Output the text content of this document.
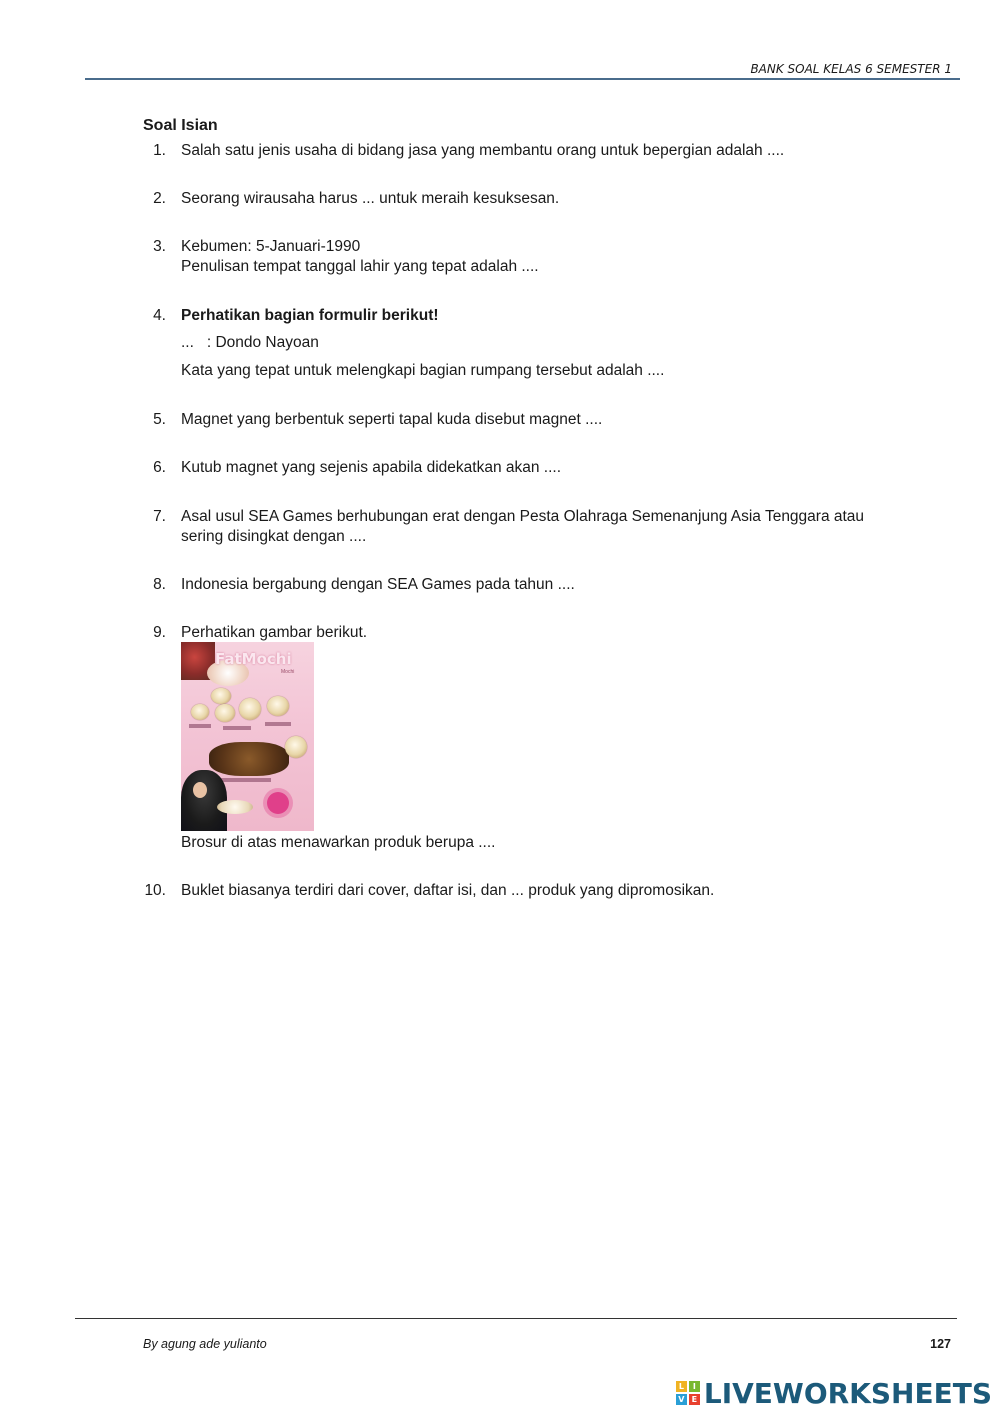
BANK SOAL KELAS 6 SEMESTER 1
Soal Isian
1. Salah satu jenis usaha di bidang jasa yang membantu orang untuk bepergian adalah ....
2. Seorang wirausaha harus ... untuk meraih kesuksesan.
3. Kebumen: 5-Januari-1990
Penulisan tempat tanggal lahir yang tepat adalah ....
4. Perhatikan bagian formulir berikut!
...   : Dondo Nayoan
Kata yang tepat untuk melengkapi bagian rumpang tersebut adalah ....
5. Magnet yang berbentuk seperti tapal kuda disebut magnet ....
6. Kutub magnet yang sejenis apabila didekatkan akan ....
7. Asal usul SEA Games berhubungan erat dengan Pesta Olahraga Semenanjung Asia Tenggara atau
sering disingkat dengan ....
8. Indonesia bergabung dengan SEA Games pada tahun ....
9. Perhatikan gambar berikut.
FatMochi
Mochi
Brosur di atas menawarkan produk berupa ....
10. Buklet biasanya terdiri dari cover, daftar isi, dan ... produk yang dipromosikan.
By agung ade yulianto	127
L	I
V E LIVEWORKSHEETS
